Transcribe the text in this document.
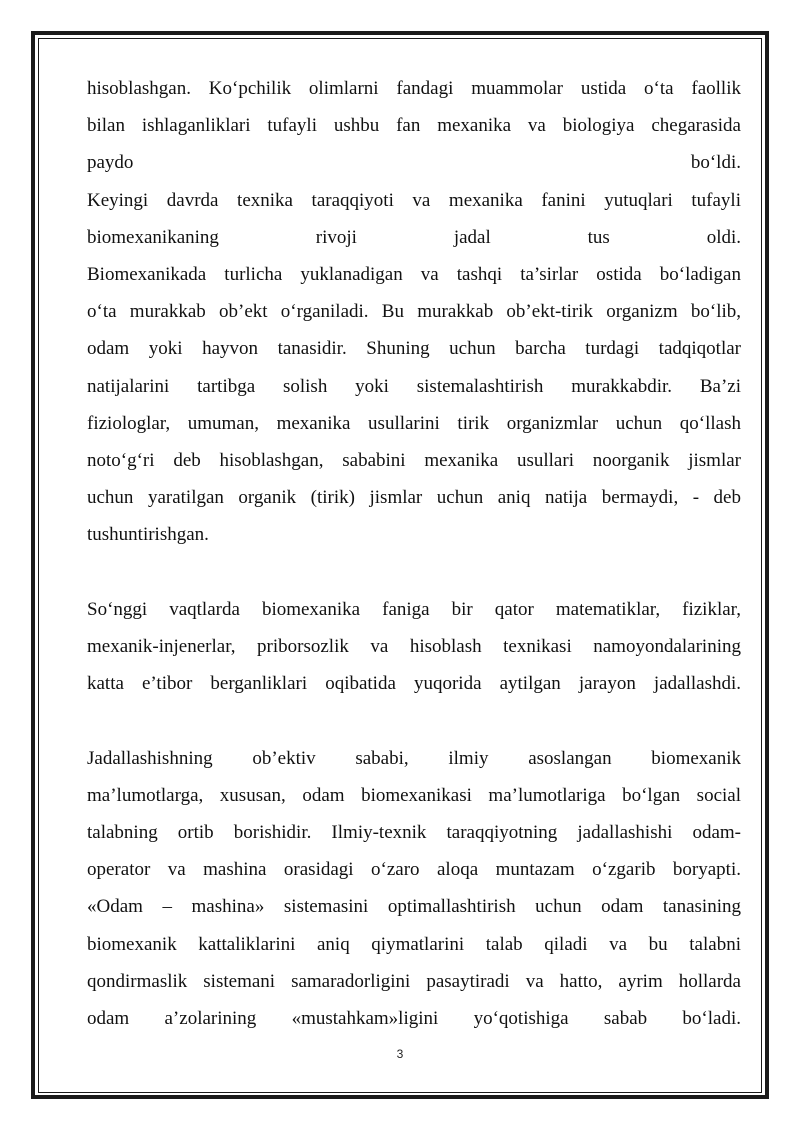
hisoblashgan. Ko‘pchilik olimlarni fandagi muammolar ustida o‘ta faollik
bilan ishlaganliklari tufayli ushbu fan mexanika va biologiya chegarasida
paydo bo‘ldi.

Keyingi davrda texnika taraqqiyoti va mexanika fanini yutuqlari tufayli
biomexanikaning rivoji jadal tus oldi.

Biomexanikada turlicha yuklanadigan va tashqi ta’sirlar ostida bo‘ladigan
o‘ta murakkab ob’ekt o‘rganiladi. Bu murakkab ob’ekt-tirik organizm bo‘lib,
odam yoki hayvon tanasidir. Shuning uchun barcha turdagi tadqiqotlar
natijalarini tartibga solish yoki sistemalashtirish murakkabdir. Ba’zi
fiziologlar, umuman, mexanika usullarini tirik organizmlar uchun qo‘llash
noto‘g‘ri deb hisoblashgan, sababini mexanika usullari noorganik jismlar
uchun yaratilgan organik (tirik) jismlar uchun aniq natija bermaydi, - deb
tushuntirishgan.

So‘nggi vaqtlarda biomexanika faniga bir qator matematiklar, fiziklar,
mexanik-injenerlar, priborsozlik va hisoblash texnikasi namoyondalarining
katta e’tibor berganliklari oqibatida yuqorida aytilgan jarayon jadallashdi.

Jadallashishning ob’ektiv sababi, ilmiy asoslangan biomexanik
ma’lumotlarga, xususan, odam biomexanikasi ma’lumotlariga bo‘lgan social
talabning ortib borishidir. Ilmiy-texnik taraqqiyotning jadallashishi odam-
operator va mashina orasidagi o‘zaro aloqa muntazam o‘zgarib boryapti.
«Odam – mashina» sistemasini optimallashtirish uchun odam tanasining
biomexanik kattaliklarini aniq qiymatlarini talab qiladi va bu talabni
qondirmaslik sistemani samaradorligini pasaytiradi va hatto, ayrim hollarda
odam a’zolarining «mustahkam»ligini yo‘qotishiga sabab bo‘ladi.

3
